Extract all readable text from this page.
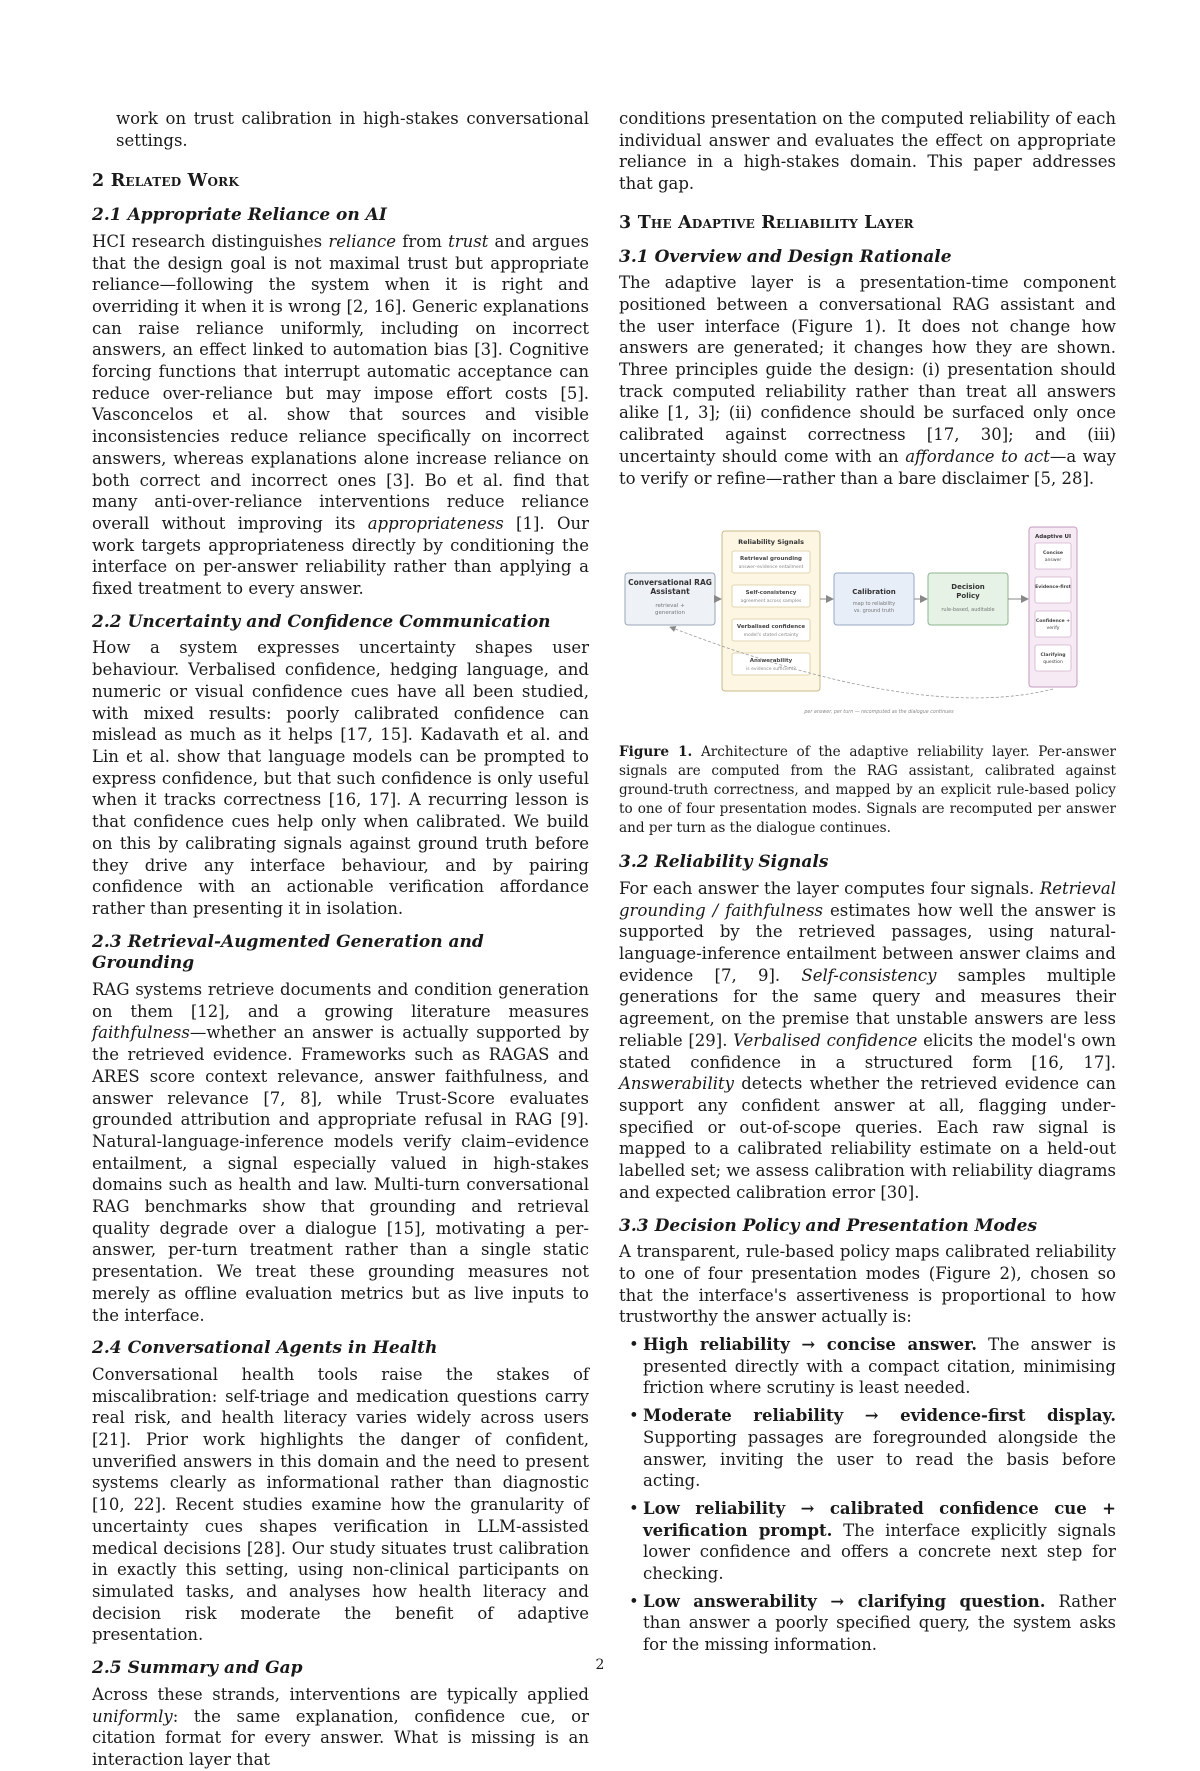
work on trust calibration in high-stakes conversational settings.

2 Related Work
2.1 Appropriate Reliance on AI

HCI research distinguishes reliance from trust and argues that the design goal is not maximal trust but appropriate reliance—following the system when it is right and overriding it when it is wrong [2, 16]. Generic explanations can raise reliance uniformly, including on incorrect answers, an effect linked to automation bias [3]. Cognitive forcing functions that interrupt automatic acceptance can reduce over-reliance but may impose effort costs [5]. Vasconcelos et al. show that sources and visible inconsistencies reduce reliance specifically on incorrect answers, whereas explanations alone increase reliance on both correct and incorrect ones [3]. Bo et al. find that many anti-over-reliance interventions reduce reliance overall without improving its appropriateness [1]. Our work targets appropriateness directly by conditioning the interface on per-answer reliability rather than applying a fixed treatment to every answer.

2.2 Uncertainty and Confidence Communication

How a system expresses uncertainty shapes user behaviour. Verbalised confidence, hedging language, and numeric or visual confidence cues have all been studied, with mixed results: poorly calibrated confidence can mislead as much as it helps [17, 15]. Kadavath et al. and Lin et al. show that language models can be prompted to express confidence, but that such confidence is only useful when it tracks correctness [16, 17]. A recurring lesson is that confidence cues help only when calibrated. We build on this by calibrating signals against ground truth before they drive any interface behaviour, and by pairing confidence with an actionable verification affordance rather than presenting it in isolation.

2.3 Retrieval-Augmented Generation and Grounding

RAG systems retrieve documents and condition generation on them [12], and a growing literature measures faithfulness—whether an answer is actually supported by the retrieved evidence. Frameworks such as RAGAS and ARES score context relevance, answer faithfulness, and answer relevance [7, 8], while Trust-Score evaluates grounded attribution and appropriate refusal in RAG [9]. Natural-language-inference models verify claim–evidence entailment, a signal especially valued in high-stakes domains such as health and law. Multi-turn conversational RAG benchmarks show that grounding and retrieval quality degrade over a dialogue [15], motivating a per-answer, per-turn treatment rather than a single static presentation. We treat these grounding measures not merely as offline evaluation metrics but as live inputs to the interface.

2.4 Conversational Agents in Health

Conversational health tools raise the stakes of miscalibration: self-triage and medication questions carry real risk, and health literacy varies widely across users [21]. Prior work highlights the danger of confident, unverified answers in this domain and the need to present systems clearly as informational rather than diagnostic [10, 22]. Recent studies examine how the granularity of uncertainty cues shapes verification in LLM-assisted medical decisions [28]. Our study situates trust calibration in exactly this setting, using non-clinical participants on simulated tasks, and analyses how health literacy and decision risk moderate the benefit of adaptive presentation.

2.5 Summary and Gap

Across these strands, interventions are typically applied uniformly: the same explanation, confidence cue, or citation format for every answer. What is missing is an interaction layer that

conditions presentation on the computed reliability of each individual answer and evaluates the effect on appropriate reliance in a high-stakes domain. This paper addresses that gap.

3 The Adaptive Reliability Layer
3.1 Overview and Design Rationale

The adaptive layer is a presentation-time component positioned between a conversational RAG assistant and the user interface (Figure 1). It does not change how answers are generated; it changes how they are shown. Three principles guide the design: (i) presentation should track computed reliability rather than treat all answers alike [1, 3]; (ii) confidence should be surfaced only once calibrated against correctness [17, 30]; and (iii) uncertainty should come with an affordance to act—a way to verify or refine—rather than a bare disclaimer [5, 28].

Conversational RAG Assistant
retrieval + generation
Reliability Signals
Retrieval grounding
answer–evidence entailment
Self-consistency
agreement across samples
Verbalised confidence
model's stated certainty
Answerability
is evidence sufficient?
Calibration
map to reliability vs. ground truth
Decision Policy
rule-based, auditable
Adaptive UI
Concise answer
Evidence-first
Confidence + verify
Clarifying question
per answer, per turn — recomputed as the dialogue continues

Figure 1. Architecture of the adaptive reliability layer. Per-answer signals are computed from the RAG assistant, calibrated against ground-truth correctness, and mapped by an explicit rule-based policy to one of four presentation modes. Signals are recomputed per answer and per turn as the dialogue continues.

3.2 Reliability Signals

For each answer the layer computes four signals. Retrieval grounding / faithfulness estimates how well the answer is supported by the retrieved passages, using natural-language-inference entailment between answer claims and evidence [7, 9]. Self-consistency samples multiple generations for the same query and measures their agreement, on the premise that unstable answers are less reliable [29]. Verbalised confidence elicits the model's own stated confidence in a structured form [16, 17]. Answerability detects whether the retrieved evidence can support any confident answer at all, flagging under-specified or out-of-scope queries. Each raw signal is mapped to a calibrated reliability estimate on a held-out labelled set; we assess calibration with reliability diagrams and expected calibration error [30].

3.3 Decision Policy and Presentation Modes

A transparent, rule-based policy maps calibrated reliability to one of four presentation modes (Figure 2), chosen so that the interface's assertiveness is proportional to how trustworthy the answer actually is:

• High reliability → concise answer. The answer is presented directly with a compact citation, minimising friction where scrutiny is least needed.
• Moderate reliability → evidence-first display. Supporting passages are foregrounded alongside the answer, inviting the user to read the basis before acting.
• Low reliability → calibrated confidence cue + verification prompt. The interface explicitly signals lower confidence and offers a concrete next step for checking.
• Low answerability → clarifying question. Rather than answer a poorly specified query, the system asks for the missing information.
2
